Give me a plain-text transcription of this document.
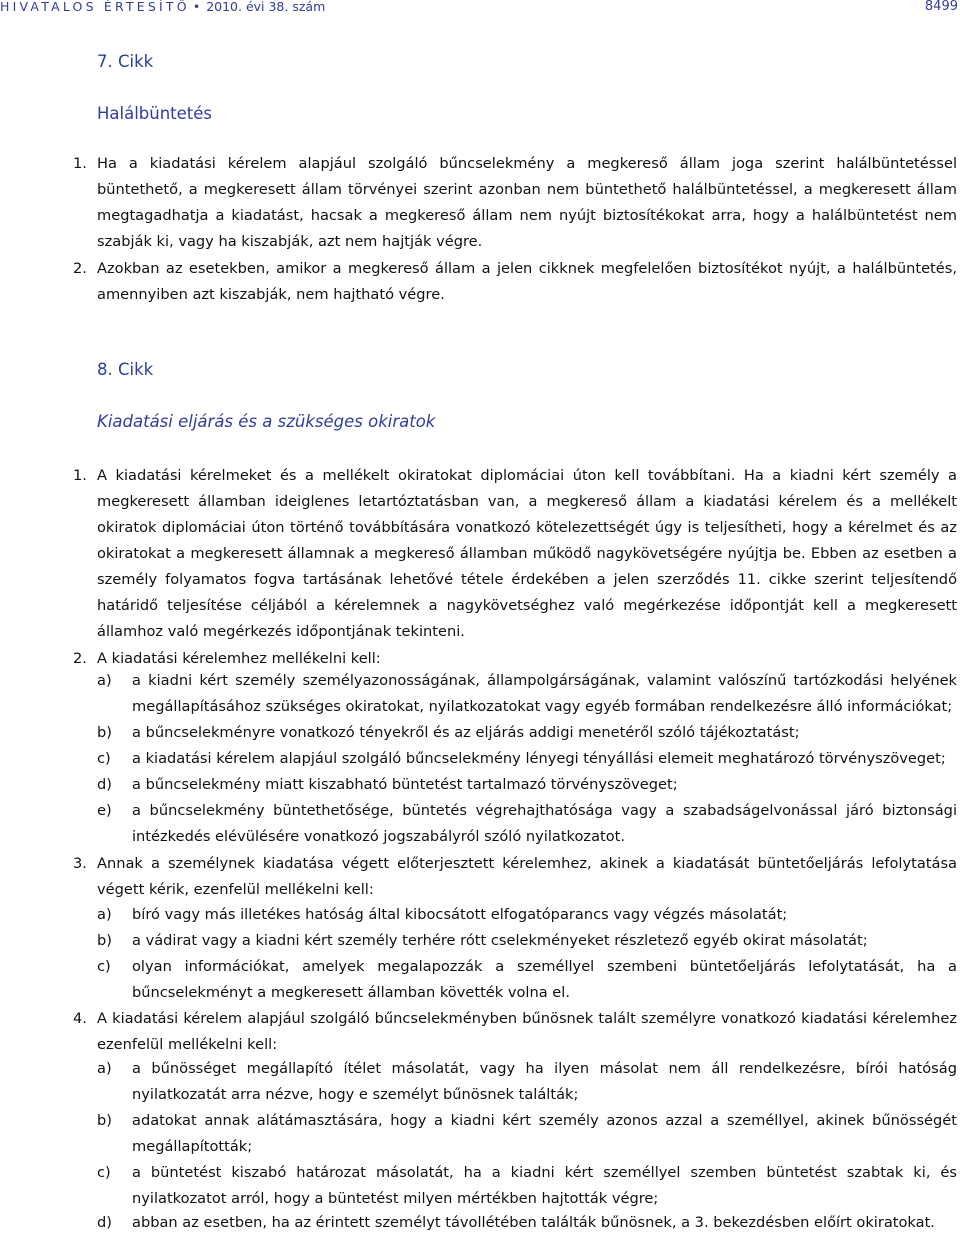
HIVATALOS ÉRTESÍTŐ • 2010. évi 38. szám	8499
7. Cikk
Halálbüntetés
1. Ha a kiadatási kérelem alapjául szolgáló bűncselekmény a megkereső állam joga szerint halálbüntetéssel büntethető, a megkeresett állam törvényei szerint azonban nem büntethető halálbüntetéssel, a megkeresett állam megtagadhatja a kiadatást, hacsak a megkereső állam nem nyújt biztosítékokat arra, hogy a halálbüntetést nem szabják ki, vagy ha kiszabják, azt nem hajtják végre.

2. Azokban az esetekben, amikor a megkereső állam a jelen cikknek megfelelően biztosítékot nyújt, a halálbüntetés, amennyiben azt kiszabják, nem hajtható végre.

8. Cikk
Kiadatási eljárás és a szükséges okiratok
1. A kiadatási kérelmeket és a mellékelt okiratokat diplomáciai úton kell továbbítani. Ha a kiadni kért személy a megkeresett államban ideiglenes letartóztatásban van, a megkereső állam a kiadatási kérelem és a mellékelt okiratok diplomáciai úton történő továbbítására vonatkozó kötelezettségét úgy is teljesítheti, hogy a kérelmet és az okiratokat a megkeresett államnak a megkereső államban működő nagykövetségére nyújtja be. Ebben az esetben a személy folyamatos fogva tartásának lehetővé tétele érdekében a jelen szerződés 11. cikke szerint teljesítendő határidő teljesítése céljából a kérelemnek a nagykövetséghez való megérkezése időpontját kell a megkeresett államhoz való megérkezés időpontjának tekinteni.

2. A kiadatási kérelemhez mellékelni kell:

a) a kiadni kért személy személyazonosságának, állampolgárságának, valamint valószínű tartózkodási helyének megállapításához szükséges okiratokat, nyilatkozatokat vagy egyéb formában rendelkezésre álló információkat;
b) a bűncselekményre vonatkozó tényekről és az eljárás addigi menetéről szóló tájékoztatást;
c) a kiadatási kérelem alapjául szolgáló bűncselekmény lényegi tényállási elemeit meghatározó törvényszöveget;
d) a bűncselekmény miatt kiszabható büntetést tartalmazó törvényszöveget;
e) a bűncselekmény büntethetősége, büntetés végrehajthatósága vagy a szabadságelvonással járó biztonsági intézkedés elévülésére vonatkozó jogszabályról szóló nyilatkozatot.
3. Annak a személynek kiadatása végett előterjesztett kérelemhez, akinek a kiadatását büntetőeljárás lefolytatása végett kérik, ezenfelül mellékelni kell:

a) bíró vagy más illetékes hatóság által kibocsátott elfogatóparancs vagy végzés másolatát;
b) a vádirat vagy a kiadni kért személy terhére rótt cselekményeket részletező egyéb okirat másolatát;
c) olyan információkat, amelyek megalapozzák a személlyel szembeni büntetőeljárás lefolytatását, ha a bűncselekményt a megkeresett államban követték volna el.
4. A kiadatási kérelem alapjául szolgáló bűncselekményben bűnösnek talált személyre vonatkozó kiadatási kérelemhez ezenfelül mellékelni kell:

a) a bűnösséget megállapító ítélet másolatát, vagy ha ilyen másolat nem áll rendelkezésre, bírói hatóság nyilatkozatát arra nézve, hogy e személyt bűnösnek találták;
b) adatokat annak alátámasztására, hogy a kiadni kért személy azonos azzal a személlyel, akinek bűnösségét megállapították;
c) a büntetést kiszabó határozat másolatát, ha a kiadni kért személlyel szemben büntetést szabtak ki, és nyilatkozatot arról, hogy a büntetést milyen mértékben hajtották végre;
d) abban az esetben, ha az érintett személyt távollétében találták bűnösnek, a 3. bekezdésben előírt okiratokat.
